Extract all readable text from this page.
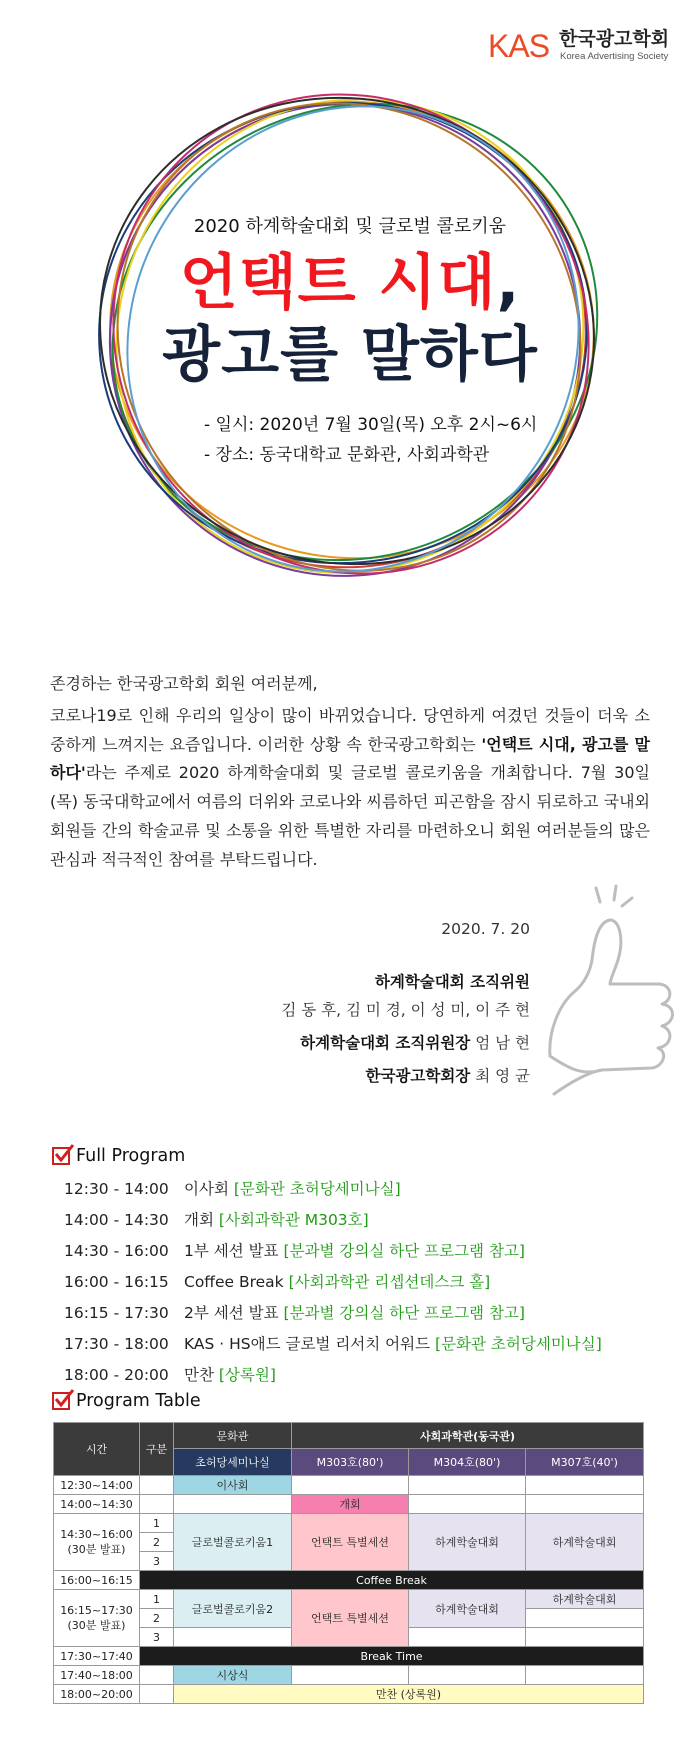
KAS 한국광고학회
Korea Advertising Society
2020 하계학술대회 및 글로벌 콜로키움
언택트 시대,
광고를 말하다
- 일시: 2020년 7월 30일(목) 오후 2시~6시
- 장소: 동국대학교 문화관, 사회과학관
존경하는 한국광고학회 회원 여러분께,
코로나19로 인해 우리의 일상이 많이 바뀌었습니다. 당연하게 여겼던 것들이 더욱 소중하게 느껴지는 요즘입니다. 이러한 상황 속 한국광고학회는 '언택트 시대, 광고를 말하다'라는 주제로 2020 하계학술대회 및 글로벌 콜로키움을 개최합니다. 7월 30일(목) 동국대학교에서 여름의 더위와 코로나와 씨름하던 피곤함을 잠시 뒤로하고 국내외 회원들 간의 학술교류 및 소통을 위한 특별한 자리를 마련하오니 회원 여러분들의 많은 관심과 적극적인 참여를 부탁드립니다.
2020. 7. 20
하계학술대회 조직위원
김 동 후, 김 미 경, 이 성 미, 이 주 현
하계학술대회 조직위원장 엄 남 현
한국광고학회장 최 영 균
Full Program
12:30 - 14:00 이사회 [문화관 초허당세미나실]
14:00 - 14:30 개회 [사회과학관 M303호]
14:30 - 16:00 1부 세션 발표 [분과별 강의실 하단 프로그램 참고]
16:00 - 16:15 Coffee Break [사회과학관 리셉션데스크 홀]
16:15 - 17:30 2부 세션 발표 [분과별 강의실 하단 프로그램 참고]
17:30 - 18:00 KAS · HS애드 글로벌 리서치 어워드 [문화관 초허당세미나실]
18:00 - 20:00 만찬 [상록원]
Program Table
시간	구분	문화관	사회과학관(동국관)		
		초허당세미나실	M303호(80')	M304호(80')	M307호(40')
12:30~14:00		이사회			
14:00~14:30			개회		

14:30~16:00
(30분 발표)	1	글로벌콜로키움1	언택트 특별세션	하계학술대회	하계학술대회
	2				
	3				
16:00~16:15	Coffee Break				

16:15~17:30
(30분 발표)	1	글로벌콜로키움2	언택트 특별세션	하계학술대회	하계학술대회
	2				
	3				
17:30~17:40	Break Time				
17:40~18:00		시상식			
18:00~20:00		만찬 (상록원)			
